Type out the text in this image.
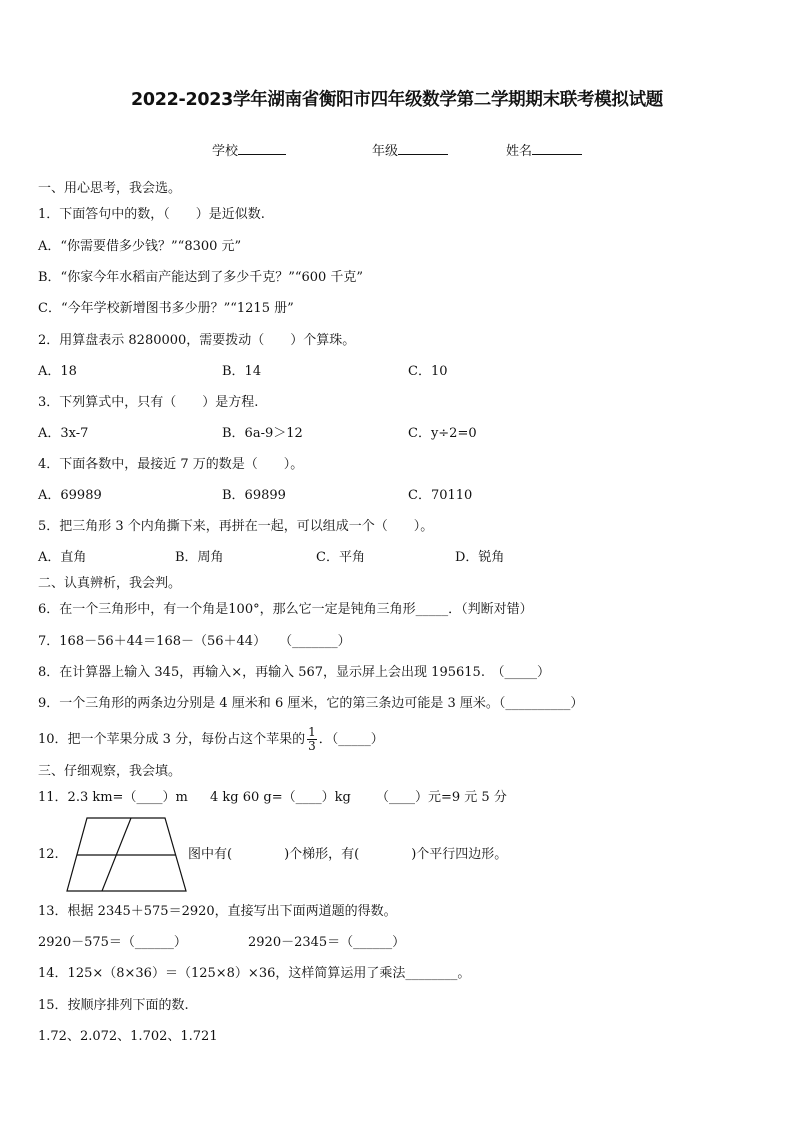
2022-2023学年湖南省衡阳市四年级数学第二学期期末联考模拟试题
学校	年级	姓名
一、用心思考，我会选。
1．下面答句中的数，（　　）是近似数.
A．“你需要借多少钱？”“8300 元”
B．“你家今年水稻亩产能达到了多少千克？”“600 千克”
C．“今年学校新增图书多少册？”“1215 册”
2．用算盘表示 8280000，需要拨动（　　）个算珠。
A．18	B．14	C．10
3．下列算式中，只有（　　）是方程.
A．3x-7	B．6a-9＞12	C．y÷2=0
4．下面各数中，最接近 7 万的数是（　　）。
A．69989	B．69899	C．70110
5．把三角形 3 个内角撕下来，再拼在一起，可以组成一个（　　）。
A．直角	B．周角	C．平角	D．锐角
二、认真辨析，我会判。
6．在一个三角形中，有一个角是100°，那么它一定是钝角三角形_____．（判断对错）
7．168－56＋44＝168－（56＋44）　　（_______）
8．在计算器上输入 345，再输入×，再输入 567，显示屏上会出现 195615.　（_____）
9．一个三角形的两条边分别是 4 厘米和 6 厘米，它的第三条边可能是 3 厘米。（__________）
10．把一个苹果分成 3 分，每份占这个苹果的 $\frac{1}{3}$ ．（_____）
三、仔细观察，我会填。
11．2.3 km=（____）m 4 kg 60 g=（____）kg （____）元=9 元 5 分
12.	图中有(　　　　)个梯形，有(　　　　)个平行四边形。
13．根据 2345＋575＝2920，直接写出下面两道题的得数。
2920－575＝（______）	2920－2345＝（______）
14．125×（8×36）＝（125×8）×36，这样简算运用了乘法________。
15．按顺序排列下面的数.
1.72、2.072、1.702、1.721
